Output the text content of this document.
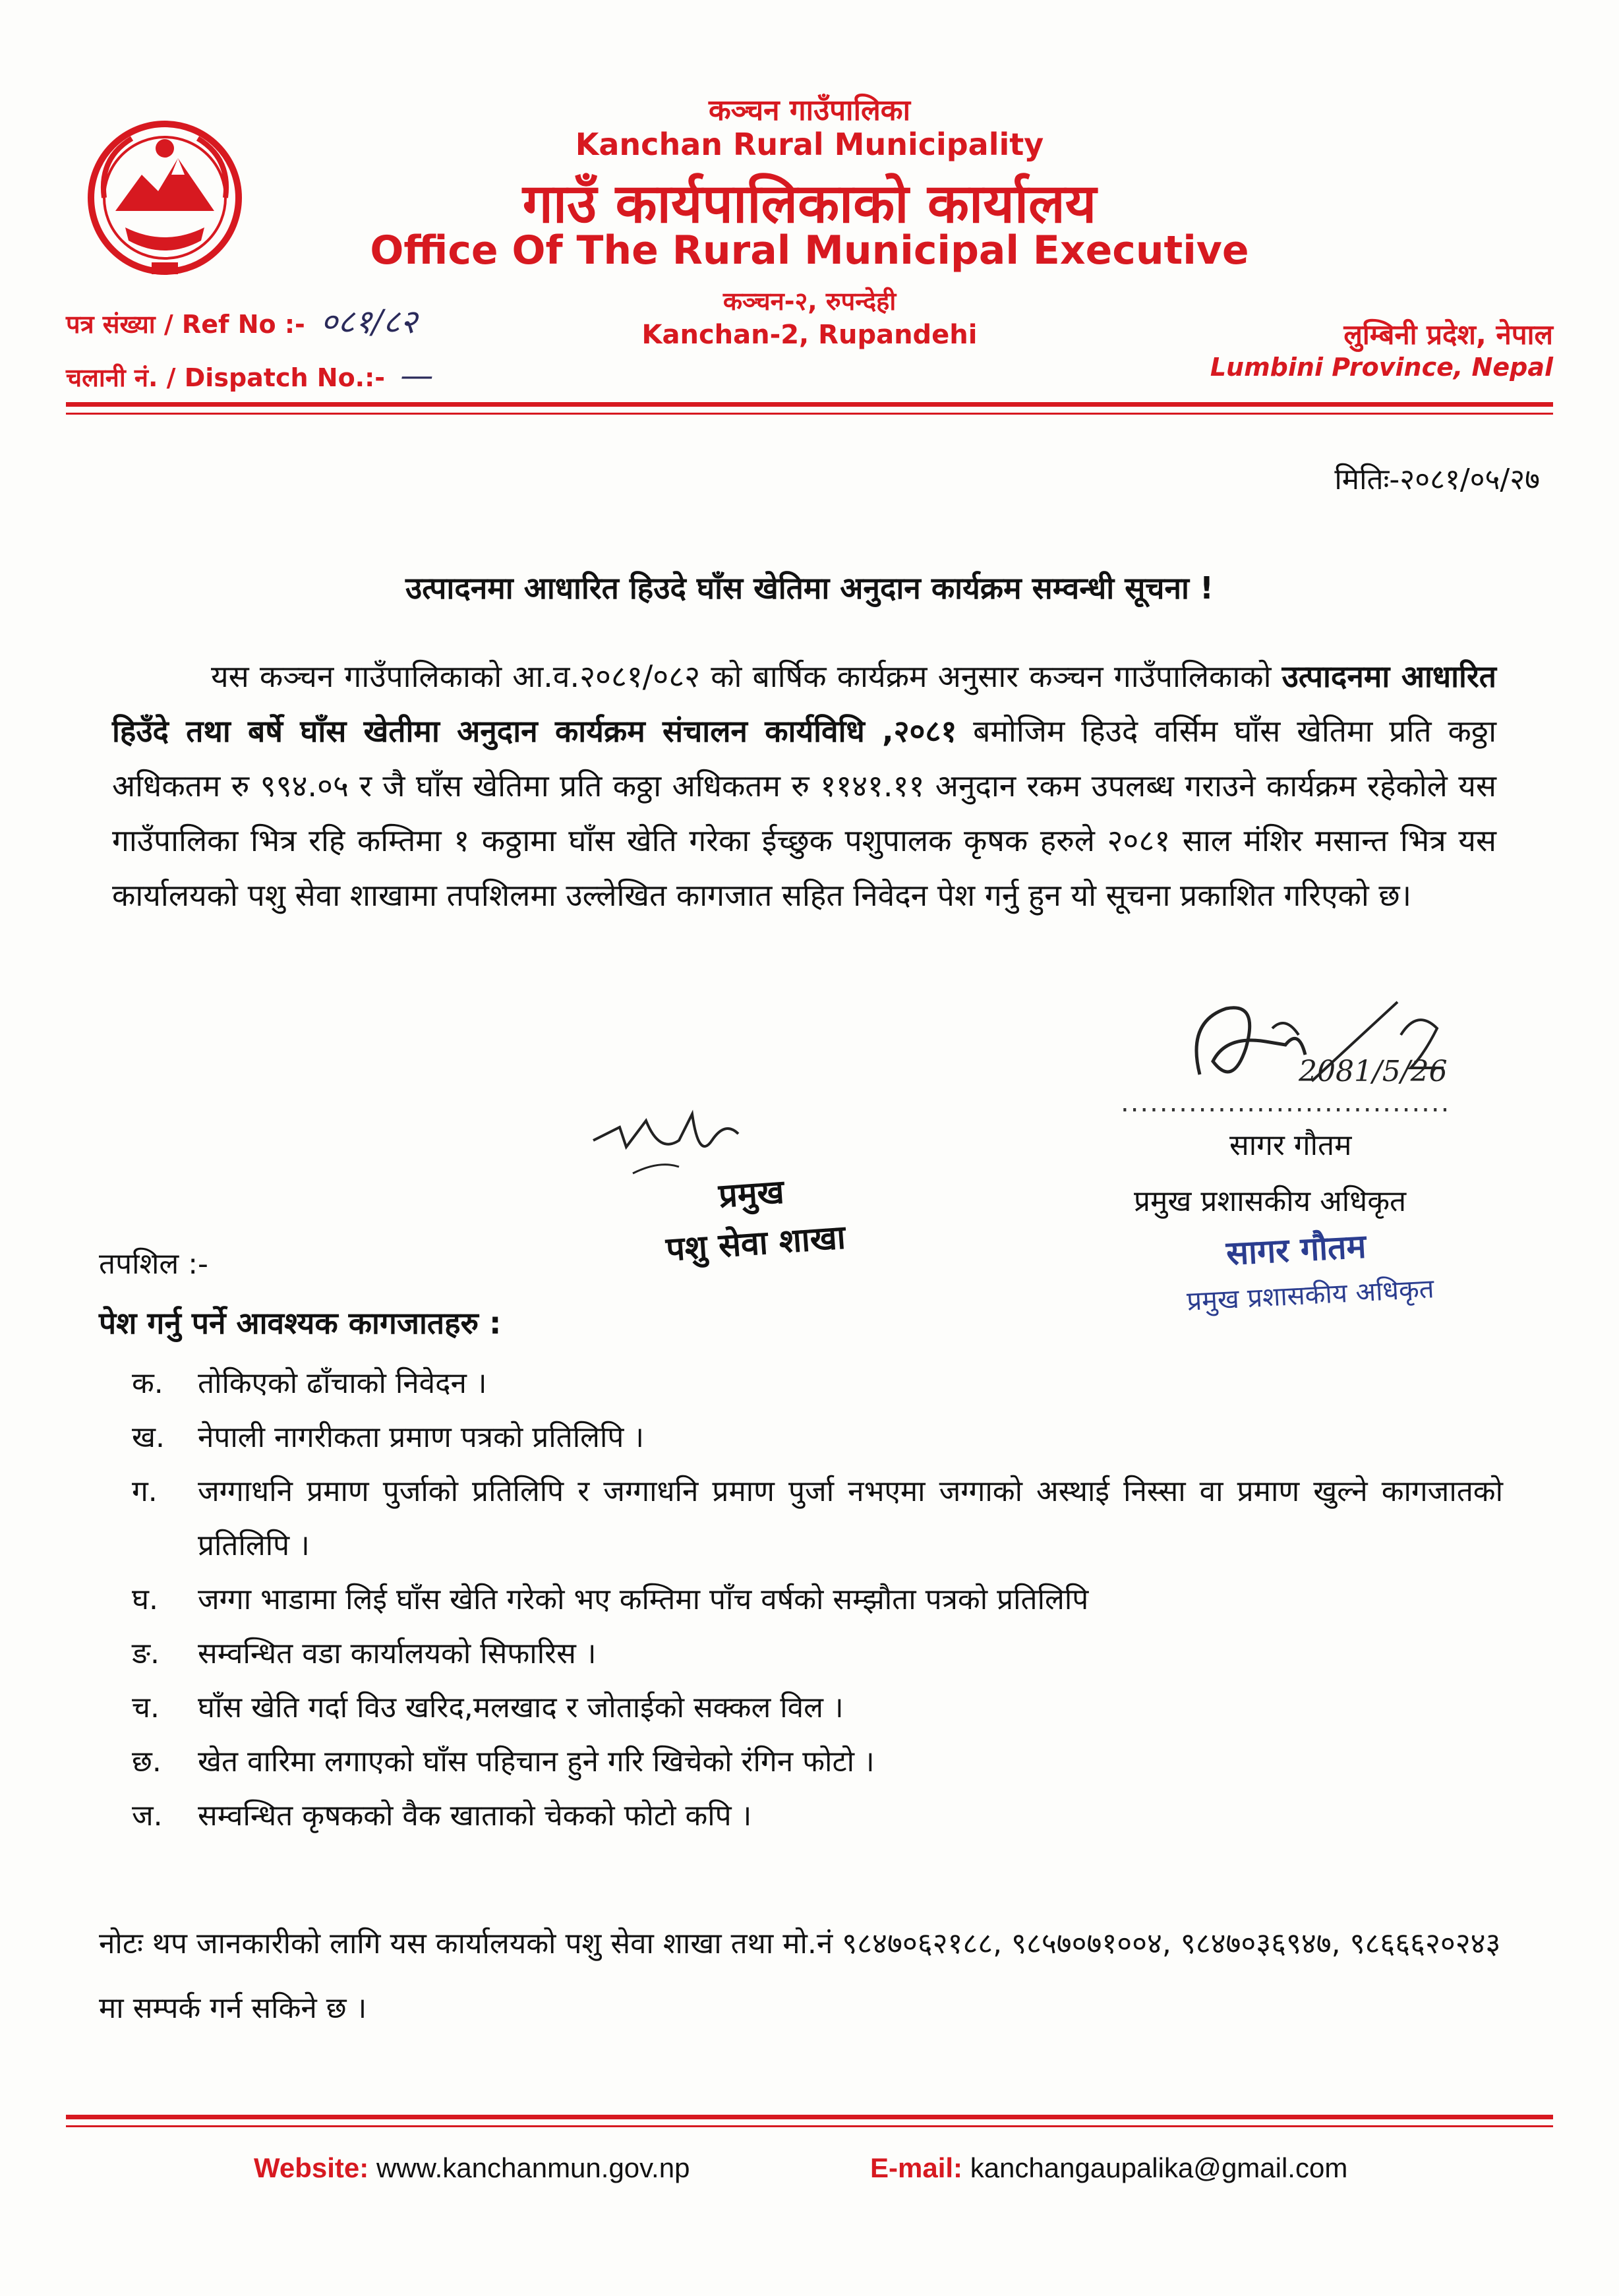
कञ्चन गाउँपालिका
Kanchan Rural Municipality
गाउँ कार्यपालिकाको कार्यालय
Office Of The Rural Municipal Executive
कञ्चन-२, रुपन्देही
Kanchan-2, Rupandehi
पत्र संख्या / Ref No :- ०८१/८२
चलानी नं. / Dispatch No.:- —
लुम्बिनी प्रदेश, नेपाल
Lumbini Province, Nepal
मितिः-२०८१/०५/२७
उत्पादनमा आधारित हिउदे घाँस खेतिमा अनुदान कार्यक्रम सम्वन्धी सूचना !
यस कञ्चन गाउँपालिकाको आ.व.२०८१/०८२ को बार्षिक कार्यक्रम अनुसार कञ्चन गाउँपालिकाको उत्पादनमा आधारित हिउँदे तथा बर्षे घाँस खेतीमा अनुदान कार्यक्रम संचालन कार्यविधि ,२०८१ बमोजिम हिउदे वर्सिम घाँस खेतिमा प्रति कठ्ठा अधिकतम रु ९९४.०५ र जै घाँस खेतिमा प्रति कठ्ठा अधिकतम रु ११४१.११ अनुदान रकम उपलब्ध गराउने कार्यक्रम रहेकोले यस गाउँपालिका भित्र रहि कम्तिमा १ कठ्ठामा घाँस खेति गरेका ईच्छुक पशुपालक कृषक हरुले २०८१ साल मंशिर मसान्त भित्र यस कार्यालयको पशु सेवा शाखामा तपशिलमा उल्लेखित कागजात सहित निवेदन पेश गर्नु हुन यो सूचना प्रकाशित गरिएको छ।
2081/5/26
..................................
सागर गौतम
प्रमुख प्रशासकीय अधिकृत
सागर गौतम
प्रमुख प्रशासकीय अधिकृत
प्रमुख
पशु सेवा शाखा
तपशिल :-
पेश गर्नु पर्ने आवश्यक कागजातहरु :
क. तोकिएको ढाँचाको निवेदन ।
ख. नेपाली नागरीकता प्रमाण पत्रको प्रतिलिपि ।
ग. जग्गाधनि प्रमाण पुर्जाको प्रतिलिपि र जग्गाधनि प्रमाण पुर्जा नभएमा जग्गाको अस्थाई निस्सा वा प्रमाण खुल्ने कागजातको प्रतिलिपि ।
घ. जग्गा भाडामा लिई घाँस खेति गरेको भए कम्तिमा पाँच वर्षको सम्झौता पत्रको प्रतिलिपि
ङ. सम्वन्धित वडा कार्यालयको सिफारिस ।
च. घाँस खेति गर्दा विउ खरिद,मलखाद र जोताईको सक्कल विल ।
छ. खेत वारिमा लगाएको घाँस पहिचान हुने गरि खिचेको रंगिन फोटो ।
ज. सम्वन्धित कृषकको वैक खाताको चेकको फोटो कपि ।
नोटः थप जानकारीको लागि यस कार्यालयको पशु सेवा शाखा तथा मो.नं ९८४७०६२१८८, ९८५७०७१००४, ९८४७०३६९४७, ९८६६६२०२४३ मा सम्पर्क गर्न सकिने छ ।
Website: www.kanchanmun.gov.np	E-mail: kanchangaupalika@gmail.com
